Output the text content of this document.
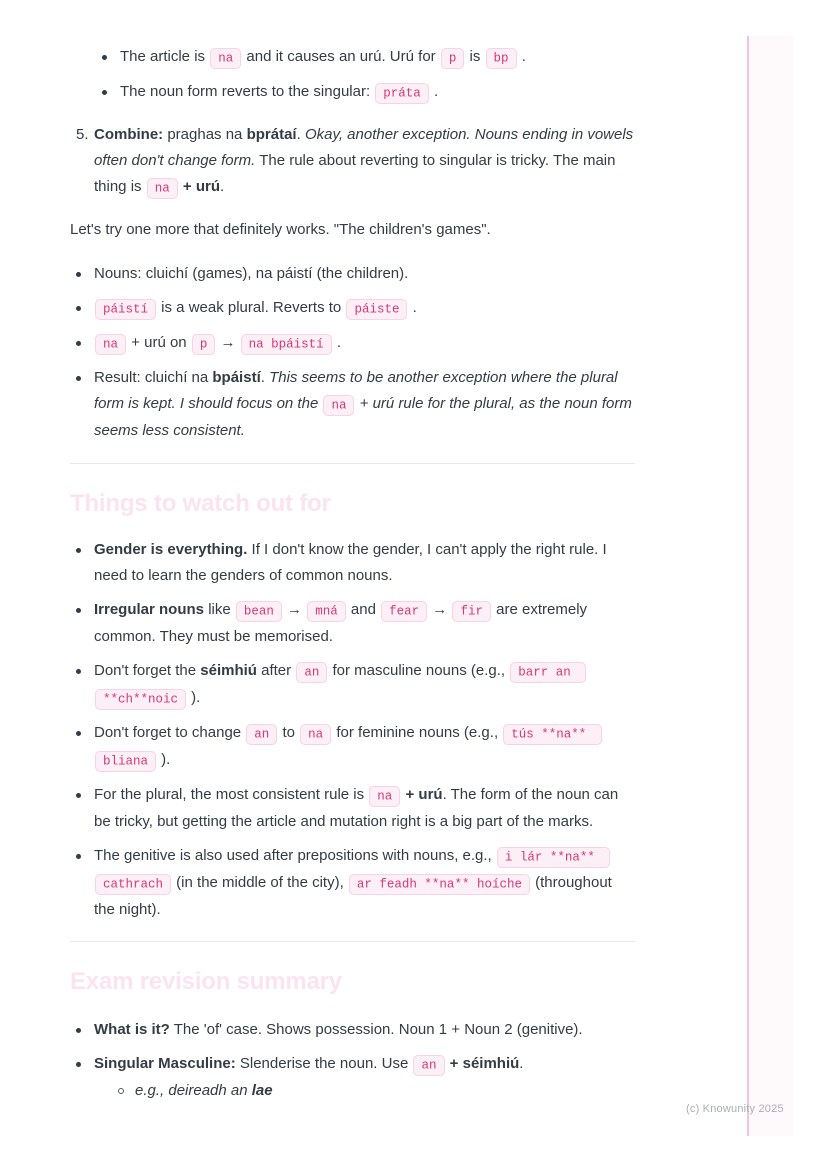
The article is na and it causes an urú. Urú for p is bp .
The noun form reverts to the singular: práta .
5. Combine: praghas na bprátaí. Okay, another exception. Nouns ending in vowels often don't change form. The rule about reverting to singular is tricky. The main thing is na + urú.
Let's try one more that definitely works. "The children's games".
Nouns: cluichí (games), na páistí (the children).
páistí is a weak plural. Reverts to páiste .
na + urú on p → na bpáistí .
Result: cluichí na bpáistí. This seems to be another exception where the plural form is kept. I should focus on the na + urú rule for the plural, as the noun form seems less consistent.
Things to watch out for
Gender is everything. If I don't know the gender, I can't apply the right rule. I need to learn the genders of common nouns.
Irregular nouns like bean → mná and fear → fir are extremely common. They must be memorised.
Don't forget the séimhiú after an for masculine nouns (e.g., barr an **ch**noic ).
Don't forget to change an to na for feminine nouns (e.g., tús **na** bliana ).
For the plural, the most consistent rule is na + urú. The form of the noun can be tricky, but getting the article and mutation right is a big part of the marks.
The genitive is also used after prepositions with nouns, e.g., i lár **na** cathrach (in the middle of the city), ar feadh **na** hoíche (throughout the night).
Exam revision summary
What is it? The 'of' case. Shows possession. Noun 1 + Noun 2 (genitive).
Singular Masculine: Slenderise the noun. Use an + séimhiú.
e.g., deireadh an lae
(c) Knowunity 2025
